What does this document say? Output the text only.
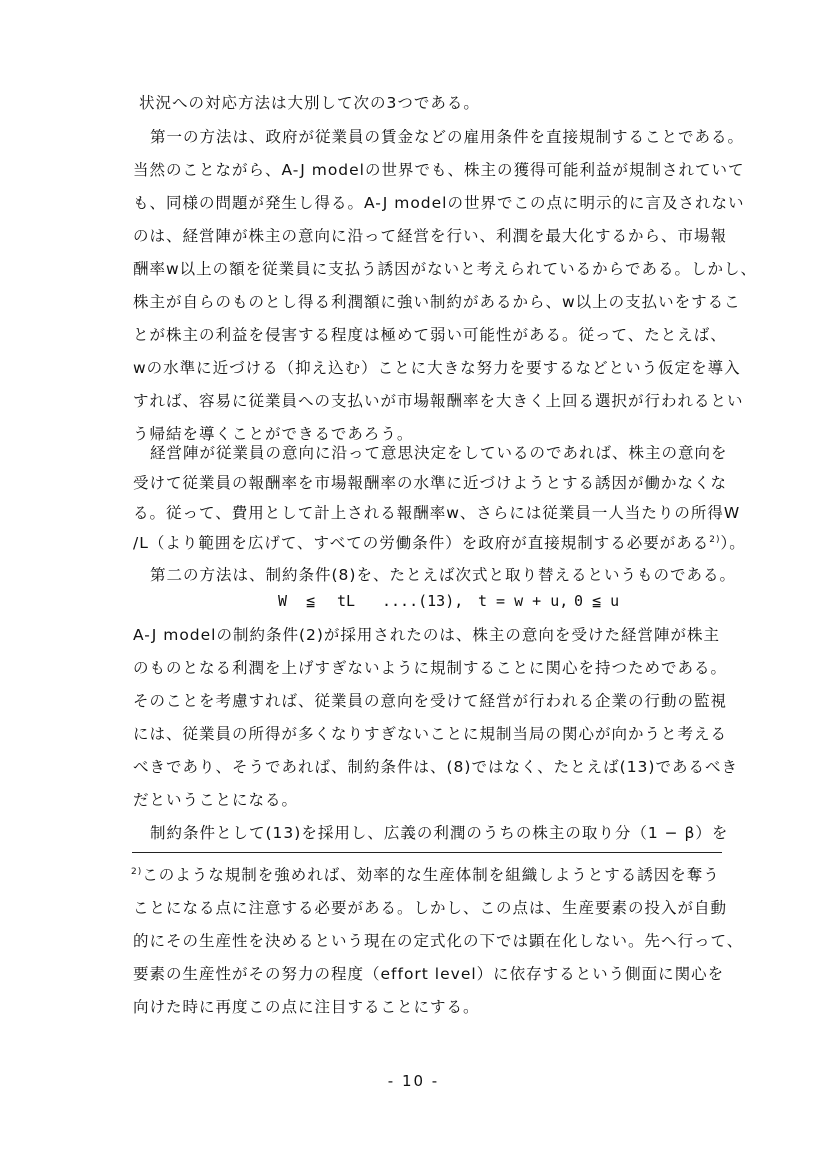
状況への対応方法は大別して次の3つである。
第一の方法は、政府が従業員の賃金などの雇用条件を直接規制することである。
当然のことながら、A-J modelの世界でも、株主の獲得可能利益が規制されていて
も、同様の問題が発生し得る。A-J modelの世界でこの点に明示的に言及されない
のは、経営陣が株主の意向に沿って経営を行い、利潤を最大化するから、市場報
酬率w以上の額を従業員に支払う誘因がないと考えられているからである。しかし、
株主が自らのものとし得る利潤額に強い制約があるから、w以上の支払いをするこ
とが株主の利益を侵害する程度は極めて弱い可能性がある。従って、たとえば、
wの水準に近づける（抑え込む）ことに大きな努力を要するなどという仮定を導入
すれば、容易に従業員への支払いが市場報酬率を大きく上回る選択が行われるとい
う帰結を導くことができるであろう。
経営陣が従業員の意向に沿って意思決定をしているのであれば、株主の意向を
受けて従業員の報酬率を市場報酬率の水準に近づけようとする誘因が働かなくな
る。従って、費用として計上される報酬率w、さらには従業員一人当たりの所得W
/L（より範囲を広げて、すべての労働条件）を政府が直接規制する必要がある$^{2)}$）。
W ≦ tL ....(13), t = w + u, 0 ≦ u
第二の方法は、制約条件(8)を、たとえば次式と取り替えるというものである。
A-J modelの制約条件(2)が採用されたのは、株主の意向を受けた経営陣が株主
のものとなる利潤を上げすぎないように規制することに関心を持つためである。
そのことを考慮すれば、従業員の意向を受けて経営が行われる企業の行動の監視
には、従業員の所得が多くなりすぎないことに規制当局の関心が向かうと考える
べきであり、そうであれば、制約条件は、(8)ではなく、たとえば(13)であるべき
だということになる。
制約条件として(13)を採用し、広義の利潤のうちの株主の取り分（1 − β）を
$^{2)}$このような規制を強めれば、効率的な生産体制を組織しようとする誘因を奪う
ことになる点に注意する必要がある。しかし、この点は、生産要素の投入が自動
的にその生産性を決めるという現在の定式化の下では顕在化しない。先へ行って、
要素の生産性がその努力の程度（effort level）に依存するという側面に関心を
向けた時に再度この点に注目することにする。
- 10 -
